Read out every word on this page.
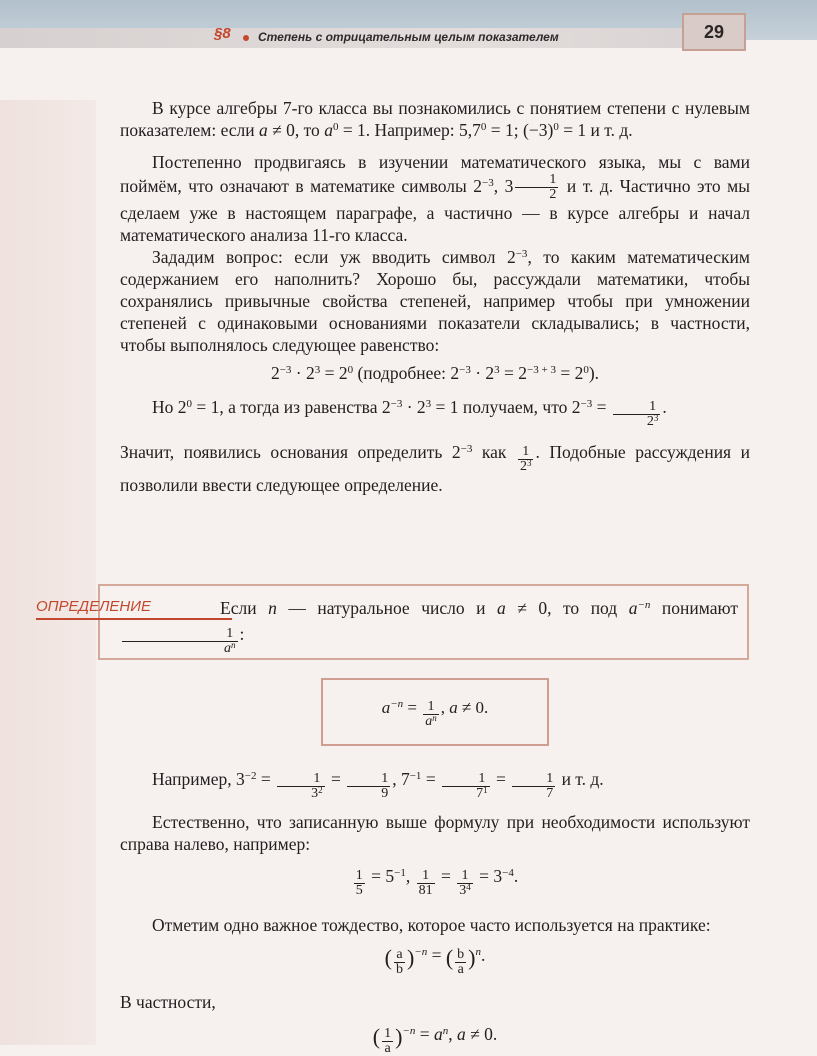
§8 Степень с отрицательным целым показателем	29

В курсе алгебры 7-го класса вы познакомились с понятием степени с нулевым показателем: если a ≠ 0, то $a^0 = 1$. Например: $5,7^0 = 1$; $(-3)^0 = 1$ и т. д.

Постепенно продвигаясь в изучении математического языка, мы с вами поймём, что означают в математике символы $2^{-3}$, 3 $^{\frac{1}{2}}$ и т. д. Частично это мы сделаем уже в настоящем параграфе, а частично — в курсе алгебры и начал математического анализа 11-го класса.

Зададим вопрос: если уж вводить символ $2^{-3}$, то каким математическим содержанием его наполнить? Хорошо бы, рассуждали математики, чтобы сохранялись привычные свойства степеней, например чтобы при умножении степеней с одинаковыми основаниями показатели складывались; в частности, чтобы выполнялось следующее равенство:

$2^{-3} \cdot 2^3 = 2^0$ (подробнее: $2^{-3} \cdot 2^3 = 2^{-3 + 3} = 2^0$).

Но $2^0 = 1$, а тогда из равенства $2^{-3} \cdot 2^3 = 1$ получаем, что $2^{-3} = \frac{1}{2^3}$ .

Значит, появились основания определить $2^{-3}$ как $\frac{1}{2^3}$ . Подобные рассуждения и позволили ввести следующее определение.

ОПРЕДЕЛЕНИЕ	Если n — натуральное число и a ≠ 0, то под $a^{-n}$ понимают
$\frac{1}{a^n}$ :

$a^{-n} = \frac{1}{a^n}$ , a ≠ 0.

Например, $3^{-2} = \frac{1}{3^2} = \frac{1}{9}$ , $7^{-1} = \frac{1}{7^1} = \frac{1}{7}$ и т. д.

Естественно, что записанную выше формулу при необходимости используют справа налево, например:

$\frac{1}{5} = 5^{-1}$, $\frac{1}{81} = \frac{1}{3^4} = 3^{-4}$.

Отметим одно важное тождество, которое часто используется на практике:

( $\frac{a}{b} )^{-n}$ = ( $\frac{b}{a} )^n$.

В частности,

( $\frac{1}{a} )^{-n} = a^n$, a ≠ 0.
